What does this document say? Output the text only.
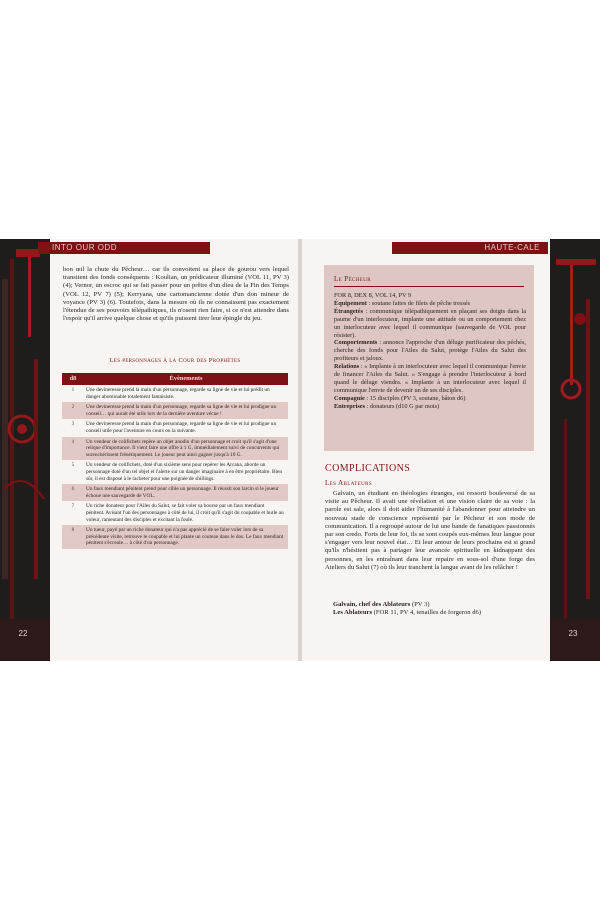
bon œil la chute du Pêcheur… car ils convoitent sa place de gourou vers lequel transitent des fonds conséquents : Koulian, un prédicateur illuminé (VOL 11, PV 3) (4); Vernor, un escroc qui se fait passer pour un prêtre d'un dieu de la Fin des Temps (VOL 12, PV 7) (5); Kerryana, une cartomancienne dotée d'un don mineur de voyance (PV 3) (6). Toutefois, dans la mesure où ils ne connaissent pas exactement l'étendue de ses pouvoirs télépathiques, ils n'osent rien faire, si ce n'est attendre dans l'espoir qu'il arrive quelque chose et qu'ils puissent tirer leur épingle du jeu.
Les personnages à la Cour des Prophètes
d8	Évènements
1	Une devineresse prend la main d'un personnage, regarde sa ligne de vie et lui prédit un danger abominable totalement fantaisiste.
2	Une devineresse prend la main d'un personnage, regarde sa ligne de vie et lui prodigue un conseil… qui aurait été utile lors de la dernière aventure vécue !
3	Une devineresse prend la main d'un personnage, regarde sa ligne de vie et lui prodigue un conseil utile pour l'aventure en cours ou la suivante.
4	Un vendeur de colifichets repère un objet anodin d'un personnage et croit qu'il s'agit d'une relique d'importance. Il vient faire une offre à 1 G, immédiatement suivi de concurrents qui surenchérissent frénétiquement. Le joueur peut ainsi gagner jusqu'à 10 G.
5	Un vendeur de colifichets, doté d'un sixième sens pour repérer les Arcana, aborde un personnage doté d'un tel objet et l'alerte sur un danger imaginaire à en être propriétaire. Bien sûr, il est disposé à le racheter pour une poignée de shillings.
6	Un faux mendiant pénitent prend pour cible un personnage. Il réussit son larcin si le joueur échoue une sauvegarde de VOL.
7	Un riche donateur pour l'Ailes du Salut, se fait voler sa bourse par un faux mendiant pénitent. Avisant l'un des personnages à côté de lui, il croit qu'il s'agit du coupable et hurle au voleur, rameutant des disciples et excitant la foule.
8	Un tueur, payé par un riche donateur qui n'a pas apprécié de se faire voler lors de sa précédente visite, retrouve le coupable et lui plante un couteau dans le dos. Le faux mendiant pénitent s'écroule… à côté d'un personnage.
Le Pêcheur
FOR 8, DEX 8, VOL 14, PV 9
Équipement : soutane faites de filets de pêche tressés
Étrangetés : communique télépathiquement en plaçant ses doigts dans la paume d'un interlocuteur, implante une attitude ou un comportement chez un interlocuteur avec lequel il communique (sauvegarde de VOL pour résister).
Comportements : annonce l'approche d'un déluge purificateur des péchés, cherche des fonds pour l'Ailes du Salut, protège l'Ailes du Salut des profiteurs et jaloux.
Relations : « Implante à un interlocuteur avec lequel il communique l'envie de financer l'Ailes du Salut. » S'engage à prendre l'interlocuteur à bord quand le déluge viendra. « Implante à un interlocuteur avec lequel il communique l'envie de devenir un de ses disciples.
Compagnie : 15 disciples (PV 3, soutane, bâton d6)
Entreprises : donateurs (d10 G par mois)
COMPLICATIONS
Les Ablateurs

Galvain, un étudiant en théologies étranges, est ressorti bouleversé de sa visite au Pêcheur. Il avait une révélation et une vision claire de sa voie : la parole est sale, alors il doit aider l'humanité à l'abandonner pour atteindre un nouveau stade de conscience représenté par le Pêcheur et son mode de communication. Il a regroupé autour de lui une bande de fanatiques passionnés par son credo. Forts de leur foi, ils se sont coupés eux-mêmes leur langue pour s'engager vers leur nouvel état… Et leur amour de leurs prochains est si grand qu'ils n'hésitent pas à partager leur avancée spirituelle en kidnappant des personnes, en les entraînant dans leur repaire en sous-sol d'une forge des Ateliers du Salut (7) où ils leur tranchent la langue avant de les relâcher !

Galvain, chef des Ablateurs (PV 3)
Les Ablateurs (FOR 11, PV 4, tenailles de forgeron d6)
INTO OUR ODD	HAUTE-CALE
22	23
